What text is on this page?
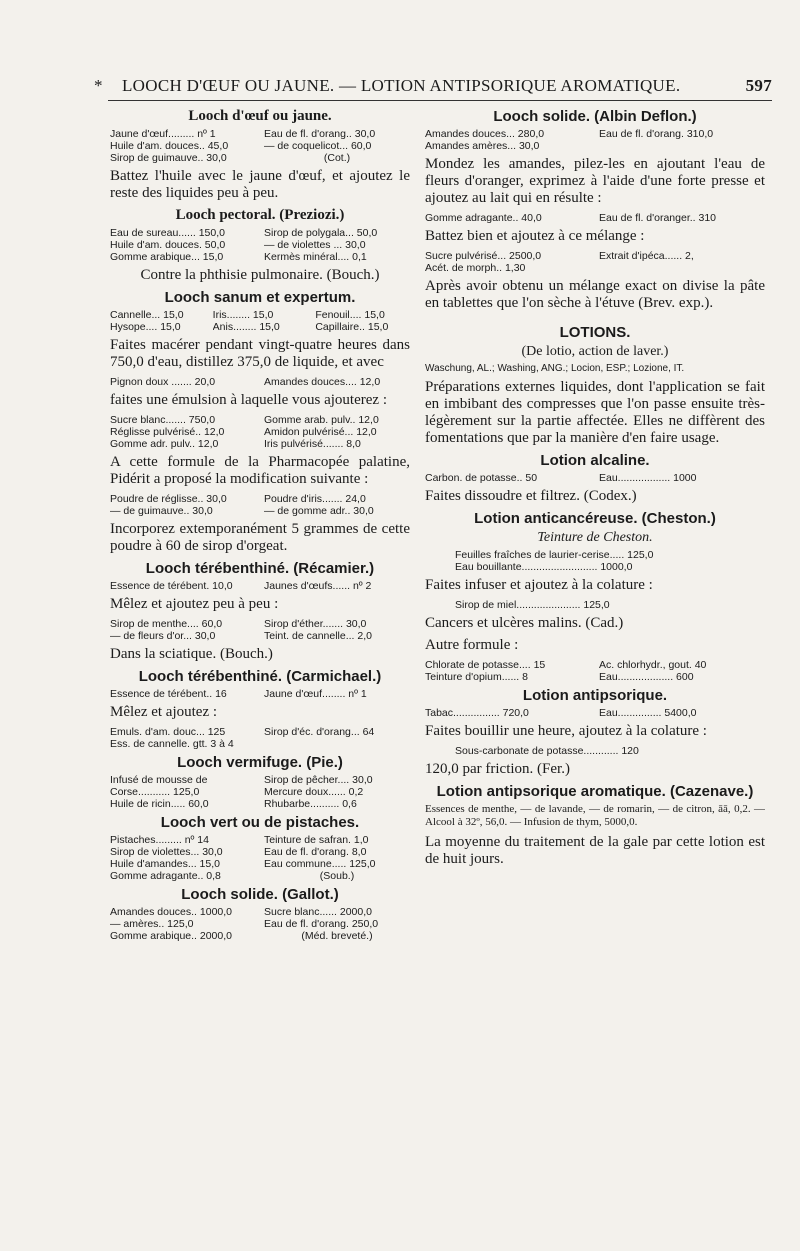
* LOOCH D'ŒUF OU JAUNE. — LOTION ANTIPSORIQUE AROMATIQUE.	597
Looch d'œuf ou jaune.
Jaune d'œuf......... nº 1	Eau de fl. d'orang.. 30,0
Huile d'am. douces.. 45,0	— de coquelicot... 60,0
Sirop de guimauve.. 30,0	(Cot.)

Battez l'huile avec le jaune d'œuf, et ajoutez le reste des liquides peu à peu.

Looch pectoral. (Preziozi.)
Eau de sureau...... 150,0	Sirop de polygala... 50,0
Huile d'am. douces. 50,0	— de violettes ... 30,0
Gomme arabique... 15,0	Kermès minéral.... 0,1

Contre la phthisie pulmonaire. (Bouch.)

Looch sanum et expertum.
Cannelle... 15,0	Iris........ 15,0	Fenouil.... 15,0
Hysope.... 15,0	Anis........ 15,0	Capillaire.. 15,0

Faites macérer pendant vingt-quatre heures dans 750,0 d'eau, distillez 375,0 de liquide, et avec

Pignon doux ....... 20,0	Amandes douces.... 12,0

faites une émulsion à laquelle vous ajouterez :

Sucre blanc....... 750,0	Gomme arab. pulv.. 12,0
Réglisse pulvérisé.. 12,0	Amidon pulvérisé... 12,0
Gomme adr. pulv.. 12,0	Iris pulvérisé....... 8,0

A cette formule de la Pharmacopée palatine, Pidérit a proposé la modification suivante :

Poudre de réglisse.. 30,0	Poudre d'iris....... 24,0
— de guimauve.. 30,0	— de gomme adr.. 30,0

Incorporez extemporanément 5 grammes de cette poudre à 60 de sirop d'orgeat.

Looch térébenthiné. (Récamier.)
Essence de térébent. 10,0	Jaunes d'œufs...... nº 2

Mêlez et ajoutez peu à peu :

Sirop de menthe.... 60,0	Sirop d'éther....... 30,0
— de fleurs d'or... 30,0	Teint. de cannelle... 2,0

Dans la sciatique. (Bouch.)

Looch térébenthiné. (Carmichael.)
Essence de térébent.. 16	Jaune d'œuf........ nº 1

Mêlez et ajoutez :

Emuls. d'am. douc... 125	Sirop d'éc. d'orang... 64
Ess. de cannelle. gtt. 3 à 4
Looch vermifuge. (Pie.)
Infusé de mousse de	Sirop de pêcher.... 30,0
Corse........... 125,0	Mercure doux...... 0,2
Huile de ricin..... 60,0	Rhubarbe.......... 0,6
Looch vert ou de pistaches.
Pistaches......... nº 14	Teinture de safran. 1,0
Sirop de violettes... 30,0	Eau de fl. d'orang. 8,0
Huile d'amandes... 15,0	Eau commune..... 125,0
Gomme adragante.. 0,8	(Soub.)
Looch solide. (Gallot.)
Amandes douces.. 1000,0	Sucre blanc...... 2000,0
— amères.. 125,0	Eau de fl. d'orang. 250,0
Gomme arabique.. 2000,0	(Méd. breveté.)
Looch solide. (Albin Deflon.)
Amandes douces... 280,0	Eau de fl. d'orang. 310,0
Amandes amères... 30,0

Mondez les amandes, pilez-les en ajoutant l'eau de fleurs d'oranger, exprimez à l'aide d'une forte presse et ajoutez au lait qui en résulte :

Gomme adragante.. 40,0	Eau de fl. d'oranger.. 310

Battez bien et ajoutez à ce mélange :

Sucre pulvérisé... 2500,0	Extrait d'ipéca...... 2,
Acét. de morph.. 1,30

Après avoir obtenu un mélange exact on divise la pâte en tablettes que l'on sèche à l'étuve (Brev. exp.).

LOTIONS.
(De lotio, action de laver.)
Waschung, AL.; Washing, ANG.; Locion, ESP.; Lozione, IT.

Préparations externes liquides, dont l'application se fait en imbibant des compresses que l'on passe ensuite très-légèrement sur la partie affectée. Elles ne diffèrent des fomentations que par la manière d'en faire usage.

Lotion alcaline.
Carbon. de potasse.. 50	Eau.................. 1000

Faites dissoudre et filtrez. (Codex.)

Lotion anticancéreuse. (Cheston.)
Teinture de Cheston.
Feuilles fraîches de laurier-cerise..... 125,0
Eau bouillante.......................... 1000,0

Faites infuser et ajoutez à la colature :

Sirop de miel...................... 125,0

Cancers et ulcères malins. (Cad.)

Autre formule :

Chlorate de potasse.... 15	Ac. chlorhydr., gout. 40
Teinture d'opium...... 8	Eau................... 600
Lotion antipsorique.
Tabac................ 720,0	Eau............... 5400,0

Faites bouillir une heure, ajoutez à la colature :

Sous-carbonate de potasse............ 120

120,0 par friction. (Fer.)

Lotion antipsorique aromatique. (Cazenave.)

Essences de menthe, — de lavande, — de romarin, — de citron, āā, 0,2. — Alcool à 32º, 56,0. — Infusion de thym, 5000,0.

La moyenne du traitement de la gale par cette lotion est de huit jours.
